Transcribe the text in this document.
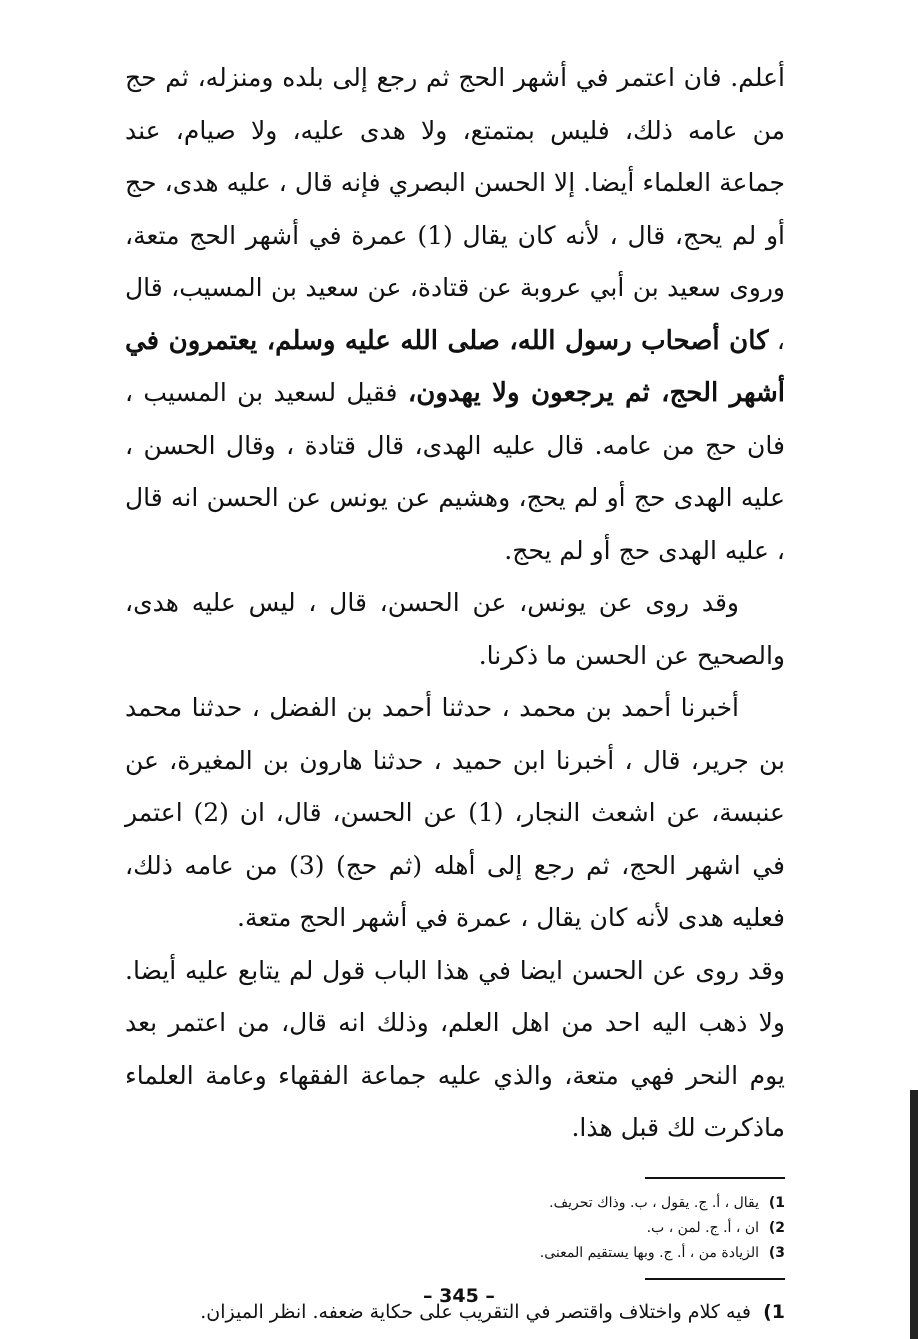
أعلم. فان اعتمر في أشهر الحج ثم رجع إلى بلده ومنزله، ثم حج من عامه ذلك، فليس بمتمتع، ولا هدى عليه، ولا صيام، عند جماعة العلماء أيضا. إلا الحسن البصري فإنه قال ، عليه هدى، حج أو لم يحج، قال ، لأنه كان يقال (1) عمرة في أشهر الحج متعة، وروى سعيد بن أبي عروبة عن قتادة، عن سعيد بن المسيب، قال ، كان أصحاب رسول الله، صلى الله عليه وسلم، يعتمرون في أشهر الحج، ثم يرجعون ولا يهدون، فقيل لسعيد بن المسيب ، فان حج من عامه. قال عليه الهدى، قال قتادة ، وقال الحسن ، عليه الهدى حج أو لم يحج، وهشيم عن يونس عن الحسن انه قال ، عليه الهدى حج أو لم يحج.

وقد روى عن يونس، عن الحسن، قال ، ليس عليه هدى، والصحيح عن الحسن ما ذكرنا.

أخبرنا أحمد بن محمد ، حدثنا أحمد بن الفضل ، حدثنا محمد بن جرير، قال ، أخبرنا ابن حميد ، حدثنا هارون بن المغيرة، عن عنبسة، عن اشعث النجار، (1) عن الحسن، قال، ان (2) اعتمر في اشهر الحج، ثم رجع إلى أهله (ثم حج) (3) من عامه ذلك، فعليه هدى لأنه كان يقال ، عمرة في أشهر الحج متعة.

وقد روى عن الحسن ايضا في هذا الباب قول لم يتابع عليه أيضا. ولا ذهب اليه احد من اهل العلم، وذلك انه قال، من اعتمر بعد يوم النحر فهي متعة، والذي عليه جماعة الفقهاء وعامة العلماء ماذكرت لك قبل هذا.

1)
يقال ، أ. ج. يقول ، ب. وذاك تحريف.
2)
ان ، أ. ج. لمن ، ب.
3)
الزيادة من ، أ. ج. وبها يستقيم المعنى.
1)
فيه كلام واختلاف واقتصر في التقريب على حكاية ضعفه. انظر الميزان.
– 345 –
